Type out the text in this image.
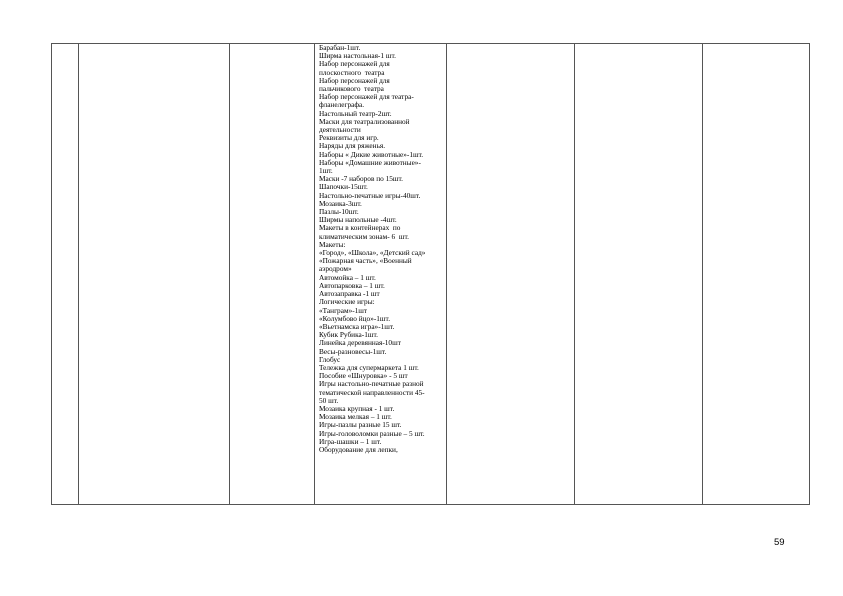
Барабан-1шт.
Ширма настольная-1 шт.
Набор персонажей для
плоскостного  театра
Набор персонажей для
пальчикового  театра
Набор персонажей для театра-
фланелеграфа.
Настольный театр-2шт.
Маски для театрализованной
деятельности
Реквизиты для игр.
Наряды для ряженья.
Наборы « Дикие животные»-1шт.
Наборы «Домашние животные»-
1шт.
Маски -7 наборов по 15шт.
Шапочки-15шт.
Настольно-печатные игры-40шт.
Мозаика-3шт.
Пазлы-10шт.
Ширмы напольные -4шт.
Макеты в контейнерах  по
климатическим зонам- 6  шт.
Макеты:
«Город», «Школа», «Детский сад»
«Пожарная часть», «Военный
аэродром»
Автомойка – 1 шт.
Автопарковка – 1 шт.
Автозаправка -1 шт
Логические игры:
«Танграм»-1шт
«Колумбово йцо»-1шт.
«Вьетнамска игра»-1шт.
Кубик Рубика-1шт.
Линейка деревянная-10шт
Весы-разновесы-1шт.
Глобус
Тележка для супермаркета 1 шт.
Пособие «Шнуровка» - 5 шт
Игры настольно-печатные разной
тематической направленности 45-
50 шт.
Мозаика крупная - 1 шт.
Мозаика мелкая – 1 шт.
Игры-пазлы разные 15 шт.
Игры-головоломки разные – 5 шт.
Игра-шашки – 1 шт.
Оборудование для лепки,

59
